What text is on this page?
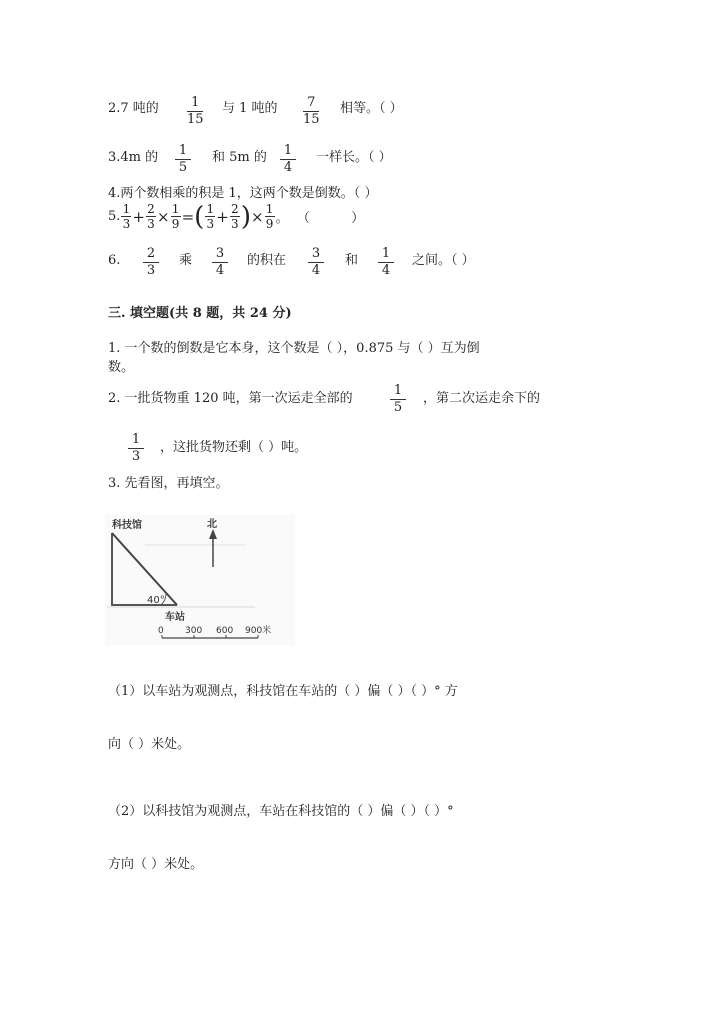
2.7 吨的 1
15
与 1 吨的 7
15
相等。（ ）
3.4m 的 1
5
和 5m 的 1
4
一样长。（ ）
4.两个数相乘的积是 1，这两个数是倒数。（ ）
5. $\frac{1}{3} + \frac{2}{3} \times \frac{1}{9}$ = ( $\frac{1}{3} + \frac{2}{3}$ ) × $\frac{1}{9}$ 。  （          ）
6. 2
3
乘 3
4
的积在 3
4
和 1
4
之间。（ ）
三. 填空题(共 8 题，共 24 分)
1. 一个数的倒数是它本身，这个数是（ ），0.875 与（ ）互为倒
数。
2. 一批货物重 120 吨，第一次运走全部的
1
5
，第二次运走余下的
1
3
，这批货物还剩（ ）吨。
3. 先看图，再填空。
科技馆
40°
车站
北
0 300 600 900米
（1）以车站为观测点，科技馆在车站的（ ）偏（ ）（ ）° 方
向（ ）米处。
（2）以科技馆为观测点，车站在科技馆的（ ）偏（ ）（ ）°
方向（ ）米处。
